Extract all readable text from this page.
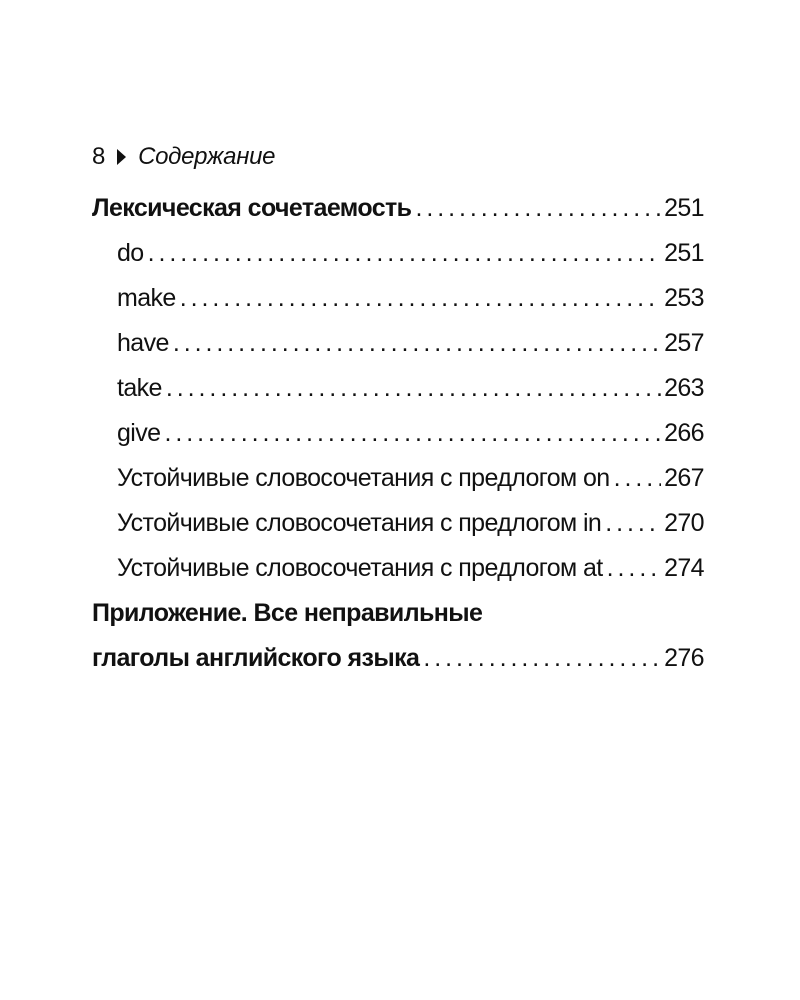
8 Содержание
Лексическая сочетаемость . . .	251
do . . .	251
make . . .	253
have . . .	257
take . . .	263
give . . .	266
Устойчивые словосочетания с предлогом on . . . 267
Устойчивые словосочетания с предлогом in . . .	270
Устойчивые словосочетания с предлогом at . . . 274
Приложение. Все неправильные
глаголы английского языка . . .	276
